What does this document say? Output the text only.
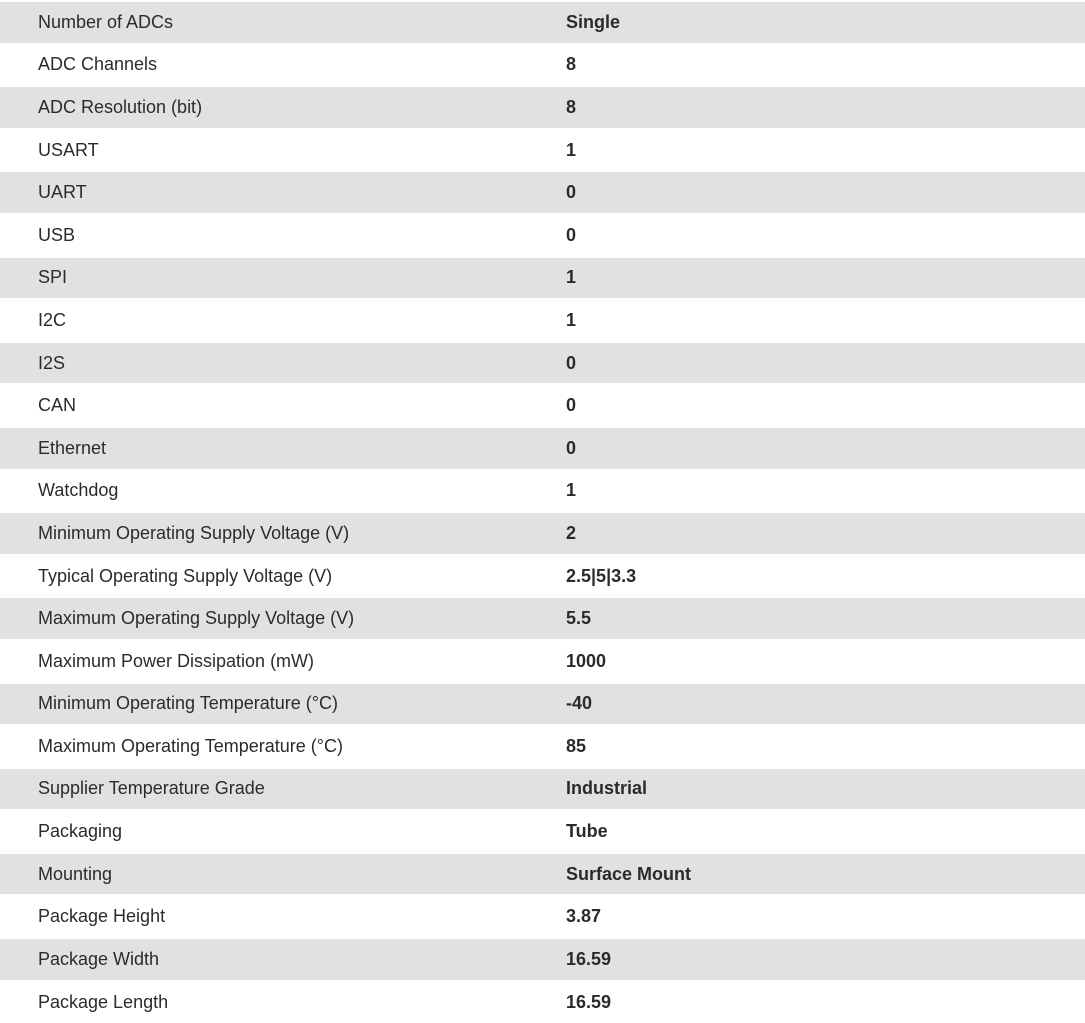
Number of ADCs	Single
ADC Channels	8
ADC Resolution (bit)	8
USART	1
UART	0
USB	0
SPI	1
I2C	1
I2S	0
CAN	0
Ethernet	0
Watchdog	1
Minimum Operating Supply Voltage (V)	2
Typical Operating Supply Voltage (V)	2.5|5|3.3
Maximum Operating Supply Voltage (V)	5.5
Maximum Power Dissipation (mW)	1000
Minimum Operating Temperature (°C)	-40
Maximum Operating Temperature (°C)	85
Supplier Temperature Grade	Industrial
Packaging	Tube
Mounting	Surface Mount
Package Height	3.87
Package Width	16.59
Package Length	16.59
